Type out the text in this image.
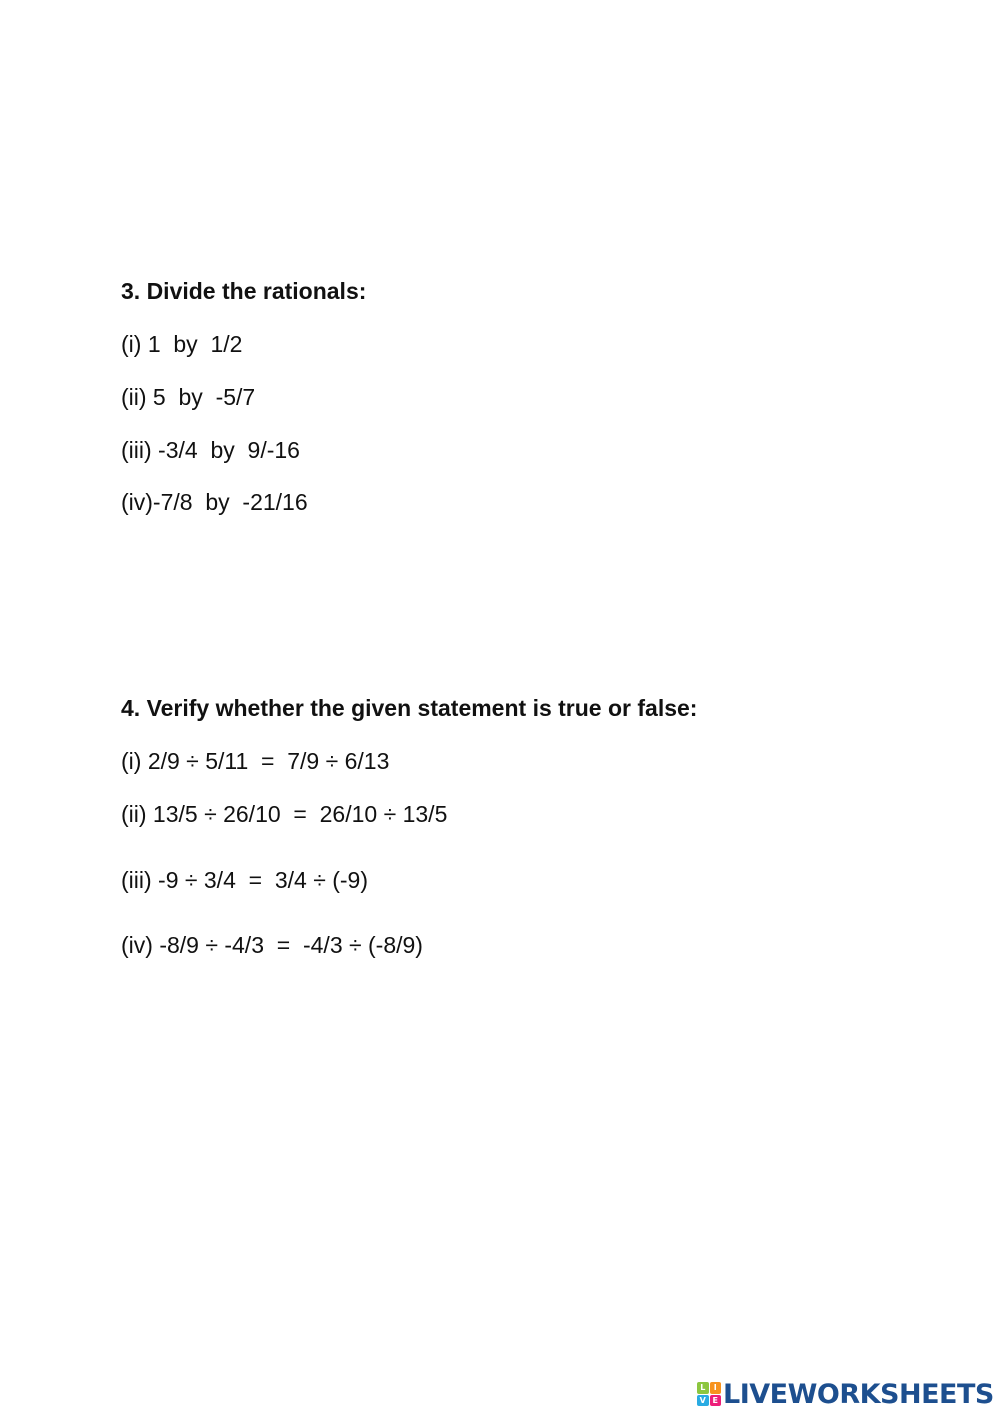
3. Divide the rationals:
(i) 1  by  1/2
(ii) 5  by  -5/7
(iii) -3/4  by  9/-16
(iv)-7/8  by  -21/16
4. Verify whether the given statement is true or false:
(i) 2/9 ÷ 5/11  =  7/9 ÷ 6/13
(ii) 13/5 ÷ 26/10  =  26/10 ÷ 13/5
(iii) -9 ÷ 3/4  =  3/4 ÷ (-9)
(iv) -8/9 ÷ -4/3  =  -4/3 ÷ (-8/9)
L	I
V E LIVEWORKSHEETS
